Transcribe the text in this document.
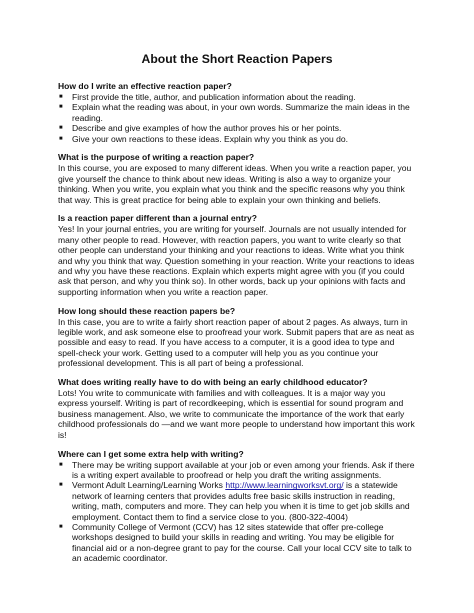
About the Short Reaction Papers
How do I write an effective reaction paper?
■ First provide the title, author, and publication information about the reading.
■ Explain what the reading was about, in your own words. Summarize the main ideas in the reading.
■ Describe and give examples of how the author proves his or her points.
■ Give your own reactions to these ideas. Explain why you think as you do.
What is the purpose of writing a reaction paper?

In this course, you are exposed to many different ideas. When you write a reaction paper, you give yourself the chance to think about new ideas. Writing is also a way to organize your thinking. When you write, you explain what you think and the specific reasons why you think that way. This is great practice for being able to explain your own thinking and beliefs.

Is a reaction paper different than a journal entry?

Yes! In your journal entries, you are writing for yourself. Journals are not usually intended for many other people to read. However, with reaction papers, you want to write clearly so that other people can understand your thinking and your reactions to ideas. Write what you think and why you think that way. Question something in your reaction. Write your reactions to ideas and why you have these reactions. Explain which experts might agree with you (if you could ask that person, and why you think so). In other words, back up your opinions with facts and supporting information when you write a reaction paper.

How long should these reaction papers be?

In this case, you are to write a fairly short reaction paper of about 2 pages. As always, turn in legible work, and ask someone else to proofread your work. Submit papers that are as neat as possible and easy to read. If you have access to a computer, it is a good idea to type and spell-check your work. Getting used to a computer will help you as you continue your professional development. This is all part of being a professional.

What does writing really have to do with being an early childhood educator?

Lots! You write to communicate with families and with colleagues. It is a major way you express yourself. Writing is part of recordkeeping, which is essential for sound program and business management. Also, we write to communicate the importance of the work that early childhood professionals do —and we want more people to understand how important this work is!

Where can I get some extra help with writing?
■ There may be writing support available at your job or even among your friends. Ask if there is a writing expert available to proofread or help you draft the writing assignments.
■ Vermont Adult Learning/Learning Works http://www.learningworksvt.org/ is a statewide network of learning centers that provides adults free basic skills instruction in reading, writing, math, computers and more. They can help you when it is time to get job skills and employment. Contact them to find a service close to you. (800-322-4004)
■ Community College of Vermont (CCV) has 12 sites statewide that offer pre-college workshops designed to build your skills in reading and writing. You may be eligible for financial aid or a non-degree grant to pay for the course. Call your local CCV site to talk to an academic coordinator.
